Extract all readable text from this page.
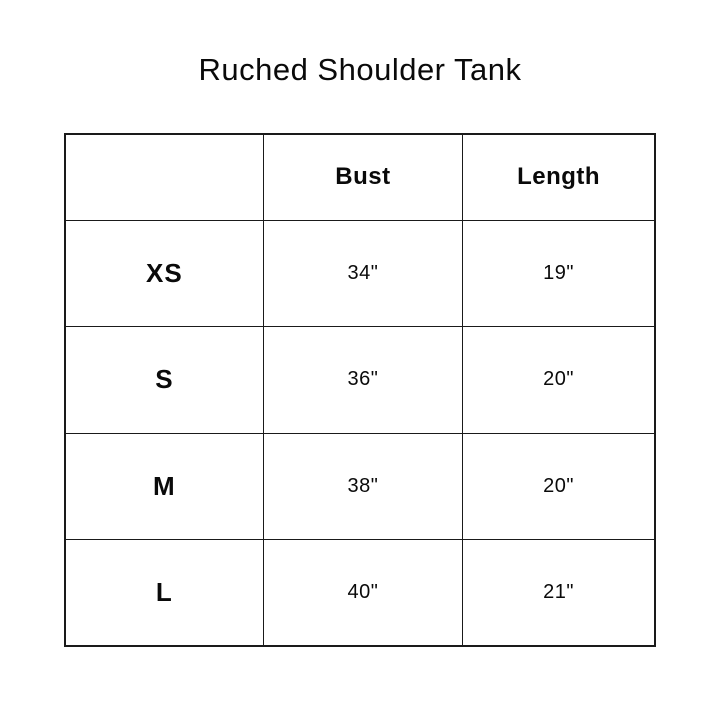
Ruched Shoulder Tank
	Bust	Length
XS	34"	19"
S	36"	20"
M	38"	20"
L	40"	21"
